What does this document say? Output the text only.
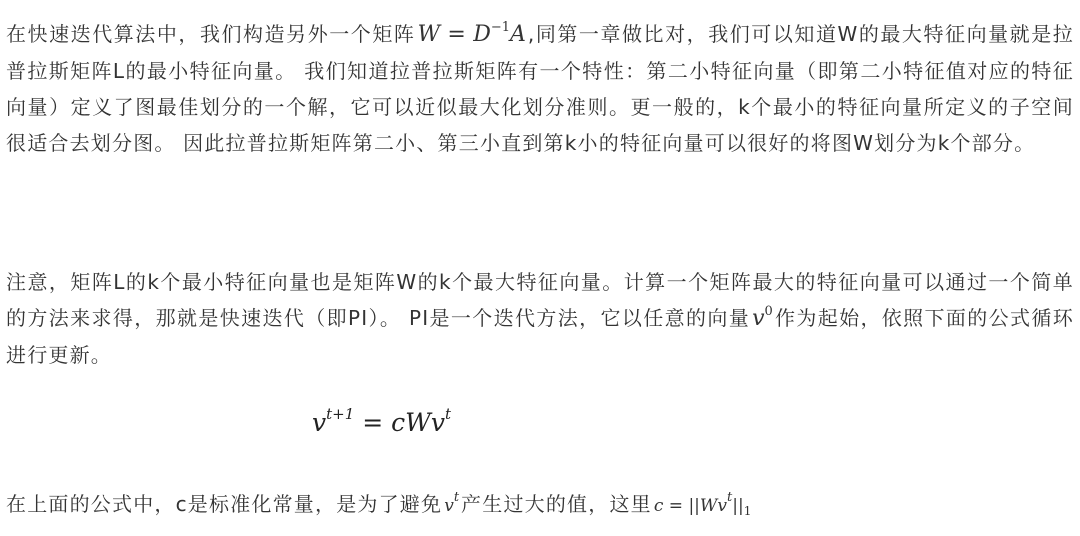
在快速迭代算法中，我们构造另外一个矩阵$W = D^{-1}A$ ,同第一章做比对，我们可以知道W的最大特征向量就是拉普拉斯矩阵L的最小特征向量。 我们知道拉普拉斯矩阵有一个特性：第二小特征向量（即第二小特征值对应的特征向量）定义了图最佳划分的一个解，它可以近似最大化划分准则。更一般的，k个最小的特征向量所定义的子空间很适合去划分图。 因此拉普拉斯矩阵第二小、第三小直到第k小的特征向量可以很好的将图W划分为k个部分。

注意，矩阵L的k个最小特征向量也是矩阵W的k个最大特征向量。计算一个矩阵最大的特征向量可以通过一个简单的方法来求得，那就是快速迭代（即PI）。 PI是一个迭代方法，它以任意的向量$v^0$ 作为起始，依照下面的公式循环进行更新。

$v^{t+1} = cWv^t$

在上面的公式中，c是标准化常量，是为了避免 $v^t$ 产生过大的值，这里 $c = ||Wv^t||_1$
